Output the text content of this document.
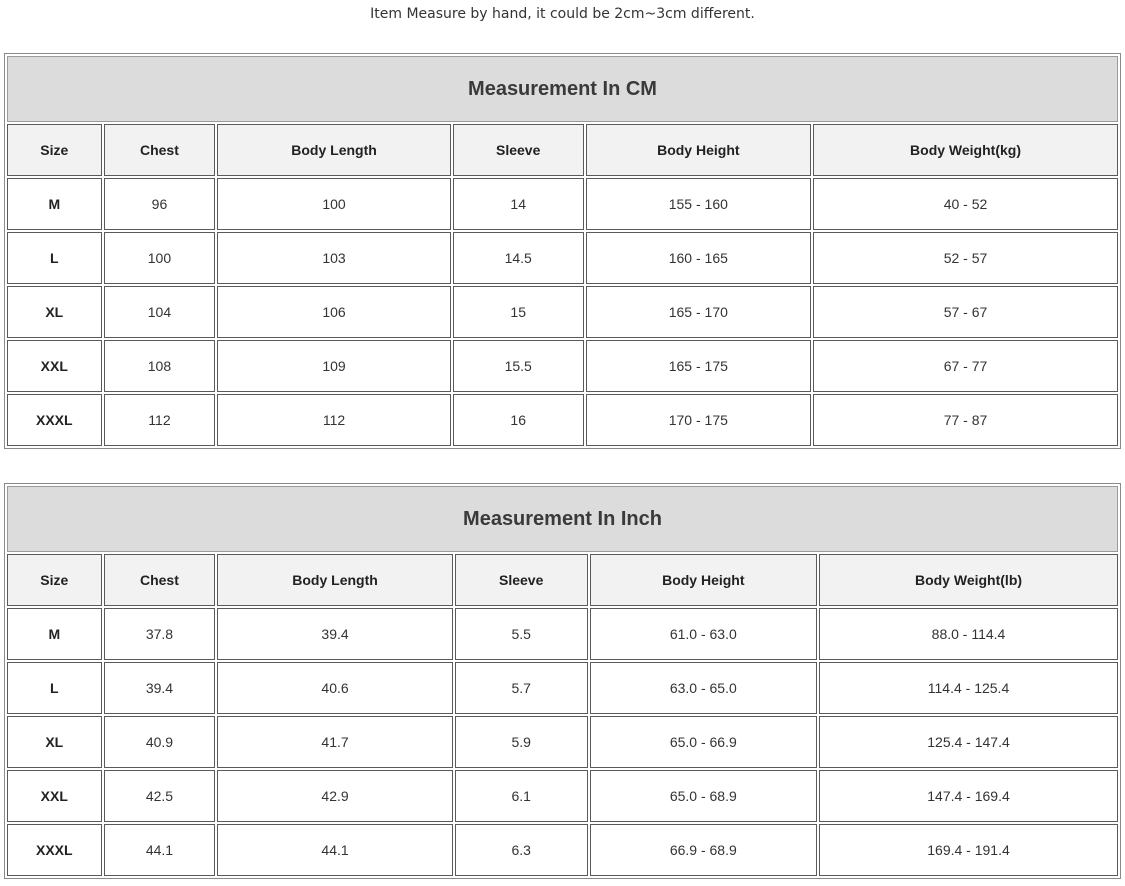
Item Measure by hand, it could be 2cm~3cm different.
Measurement In CM					
Size	Chest	Body Length	Sleeve	Body Height	Body Weight(kg)
M	96	100	14	155 - 160	40 - 52
L	100	103	14.5	160 - 165	52 - 57
XL	104	106	15	165 - 170	57 - 67
XXL	108	109	15.5	165 - 175	67 - 77
XXXL	112	112	16	170 - 175	77 - 87
Measurement In Inch					
Size	Chest	Body Length	Sleeve	Body Height	Body Weight(lb)
M	37.8	39.4	5.5	61.0 - 63.0	88.0 - 114.4
L	39.4	40.6	5.7	63.0 - 65.0	114.4 - 125.4
XL	40.9	41.7	5.9	65.0 - 66.9	125.4 - 147.4
XXL	42.5	42.9	6.1	65.0 - 68.9	147.4 - 169.4
XXXL	44.1	44.1	6.3	66.9 - 68.9	169.4 - 191.4
